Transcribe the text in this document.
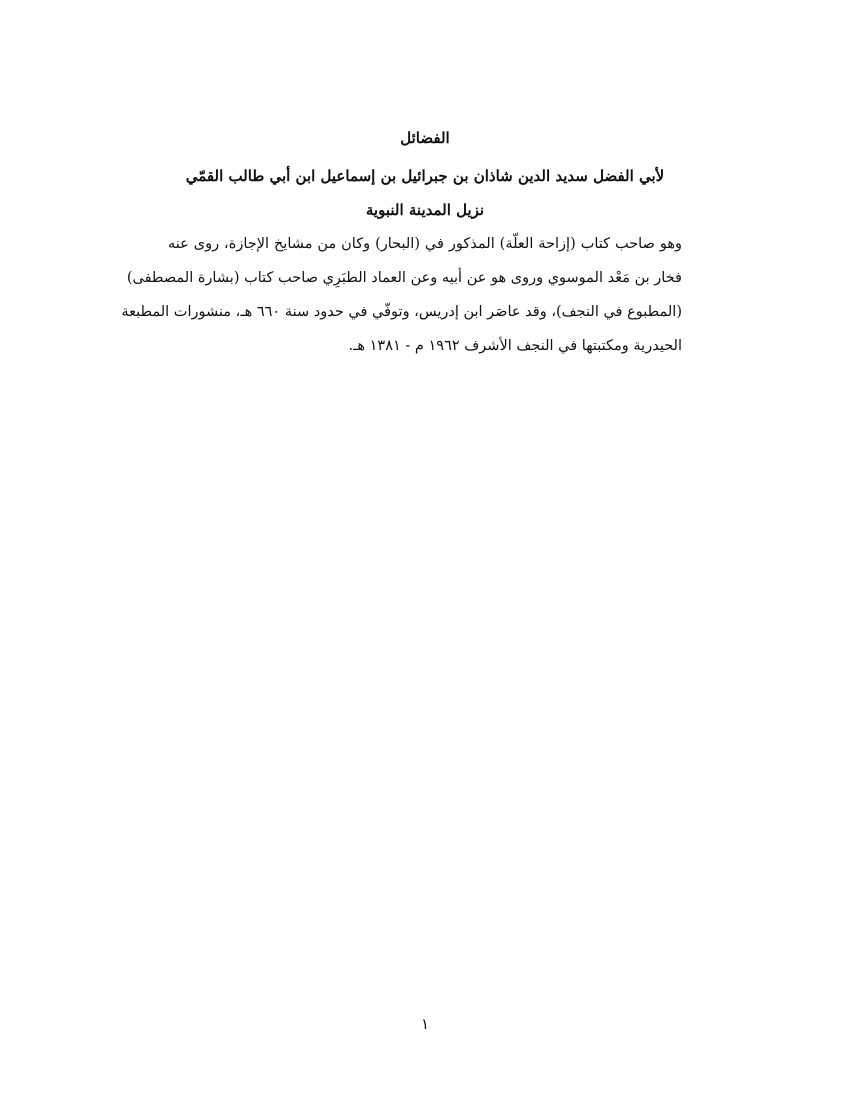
الفضائل
لأبي الفضل سديد الدين شاذان بن جبرائيل بن إسماعيل ابن أبي طالب القمّي
نزيل المدينة النبوية
وهو صاحب كتاب (إزاحة العلّة) المذكور في (البحار) وكان من مشايخ الإجازة، روى عنه
فخار بن مَعْد الموسوي وروى هو عن أبيه وعن العماد الطبَرِي صاحب كتاب (بشارة المصطفى)
(المطبوع في النجف)، وقد عاصَر ابن إدريس، وتوفّي في حدود سنة ٦٦٠ هـ، منشورات المطبعة
الحيدرية ومكتبتها في النجف الأشرف ١٩٦٢ م - ١٣٨١ هـ.
١
